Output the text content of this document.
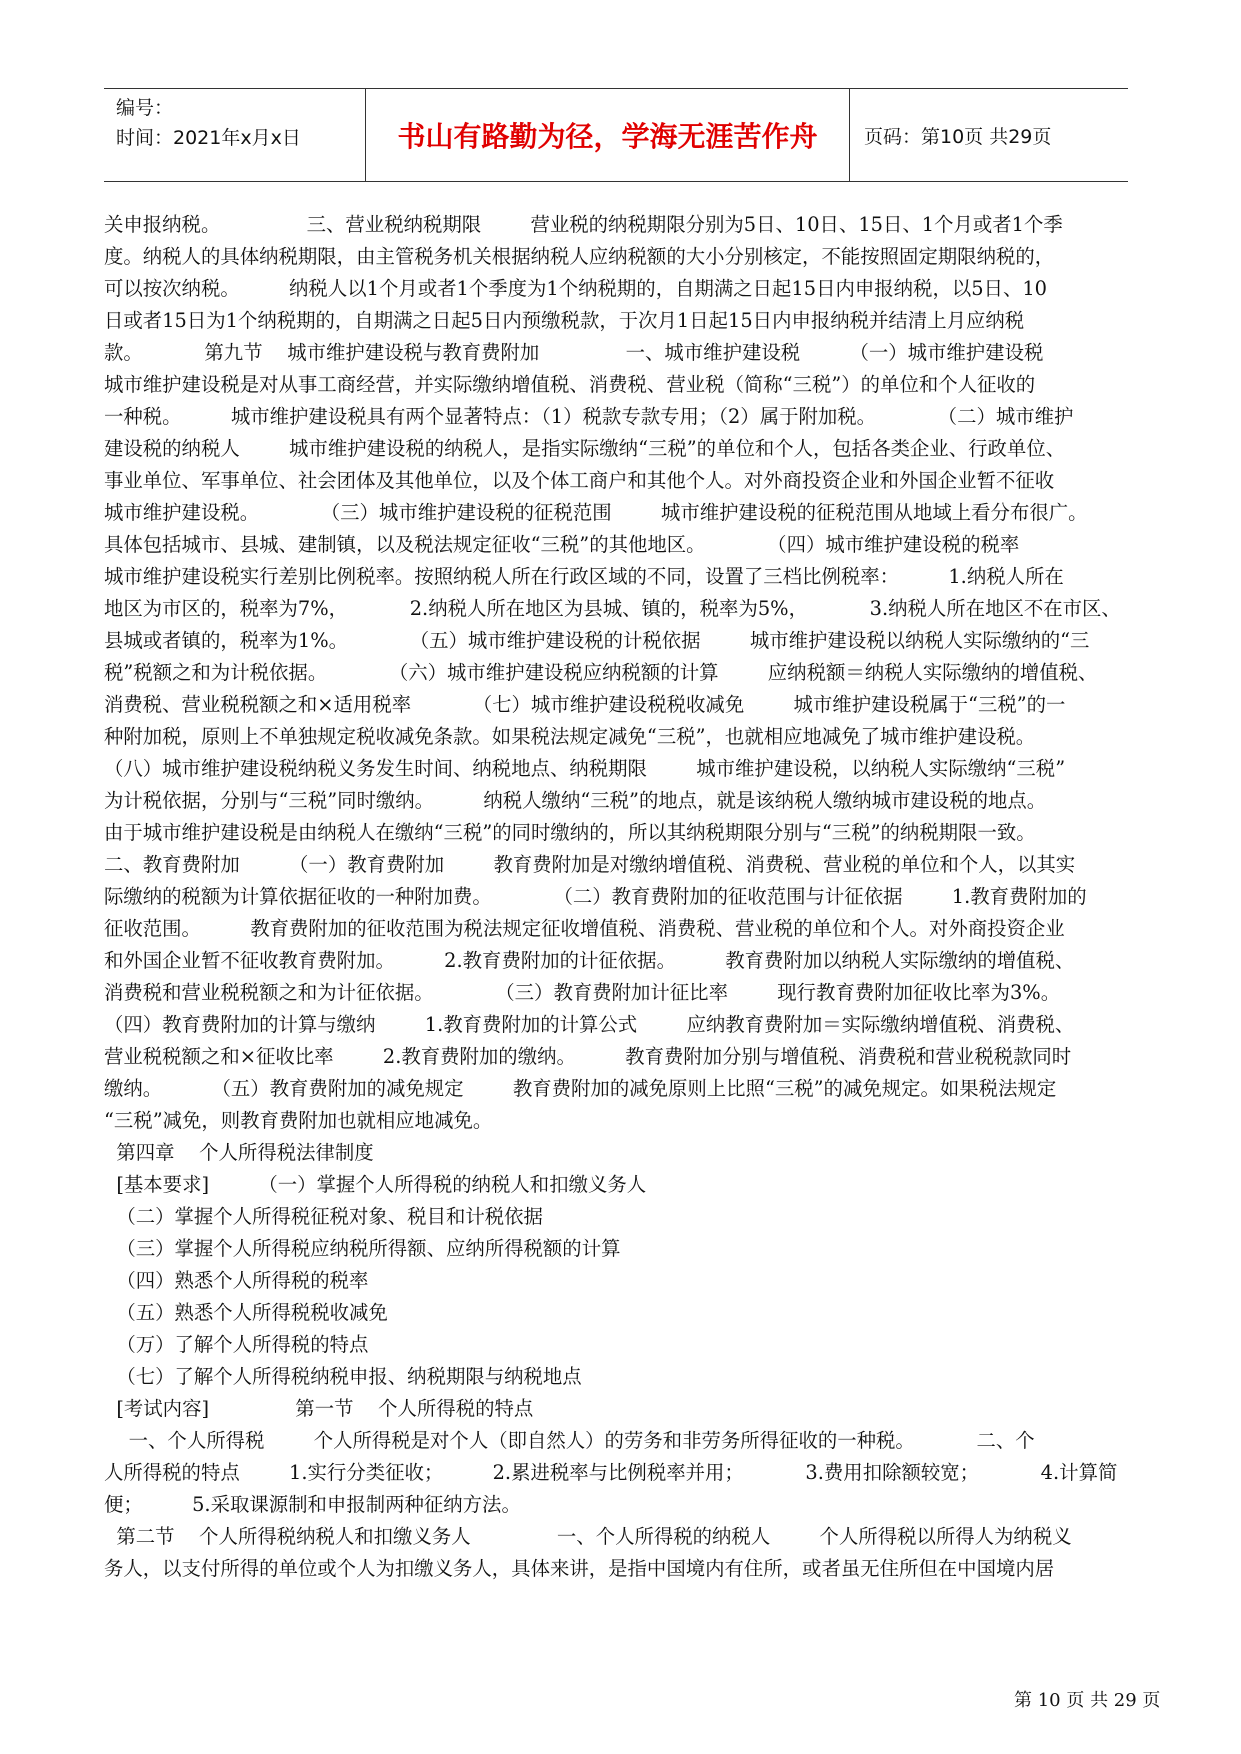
编号：
时间：2021年x月x日	书山有路勤为径，学海无涯苦作舟 页码：第10页 共29页
关申报纳税。              三、营业税纳税期限        营业税的纳税期限分别为5日、10日、15日、1个月或者1个季
度。纳税人的具体纳税期限，由主管税务机关根据纳税人应纳税额的大小分别核定，不能按照固定期限纳税的，
可以按次纳税。        纳税人以1个月或者1个季度为1个纳税期的，自期满之日起15日内申报纳税，以5日、10
日或者15日为1个纳税期的，自期满之日起5日内预缴税款，于次月1日起15日内申报纳税并结清上月应纳税
款。          第九节    城市维护建设税与教育费附加              一、城市维护建设税        （一）城市维护建设税
城市维护建设税是对从事工商经营，并实际缴纳增值税、消费税、营业税（简称“三税”）的单位和个人征收的
一种税。        城市维护建设税具有两个显著特点：（1）税款专款专用；（2）属于附加税。          （二）城市维护
建设税的纳税人        城市维护建设税的纳税人，是指实际缴纳“三税”的单位和个人，包括各类企业、行政单位、
事业单位、军事单位、社会团体及其他单位，以及个体工商户和其他个人。对外商投资企业和外国企业暂不征收
城市维护建设税。          （三）城市维护建设税的征税范围        城市维护建设税的征税范围从地域上看分布很广。
具体包括城市、县城、建制镇，以及税法规定征收“三税”的其他地区。          （四）城市维护建设税的税率
城市维护建设税实行差别比例税率。按照纳税人所在行政区域的不同，设置了三档比例税率：        1.纳税人所在
地区为市区的，税率为7%，          2.纳税人所在地区为县城、镇的，税率为5%，          3.纳税人所在地区不在市区、
县城或者镇的，税率为1%。          （五）城市维护建设税的计税依据        城市维护建设税以纳税人实际缴纳的“三
税”税额之和为计税依据。          （六）城市维护建设税应纳税额的计算        应纳税额＝纳税人实际缴纳的增值税、
消费税、营业税税额之和×适用税率          （七）城市维护建设税税收减免        城市维护建设税属于“三税”的一
种附加税，原则上不单独规定税收减免条款。如果税法规定减免“三税”，也就相应地减免了城市维护建设税。
（八）城市维护建设税纳税义务发生时间、纳税地点、纳税期限        城市维护建设税，以纳税人实际缴纳“三税”
为计税依据，分别与“三税”同时缴纳。        纳税人缴纳“三税”的地点，就是该纳税人缴纳城市建设税的地点。
由于城市维护建设税是由纳税人在缴纳“三税”的同时缴纳的，所以其纳税期限分别与“三税”的纳税期限一致。
二、教育费附加        （一）教育费附加        教育费附加是对缴纳增值税、消费税、营业税的单位和个人，以其实
际缴纳的税额为计算依据征收的一种附加费。          （二）教育费附加的征收范围与计征依据        1.教育费附加的
征收范围。        教育费附加的征收范围为税法规定征收增值税、消费税、营业税的单位和个人。对外商投资企业
和外国企业暂不征收教育费附加。        2.教育费附加的计征依据。        教育费附加以纳税人实际缴纳的增值税、
消费税和营业税税额之和为计征依据。          （三）教育费附加计征比率        现行教育费附加征收比率为3%。
（四）教育费附加的计算与缴纳        1.教育费附加的计算公式        应纳教育费附加＝实际缴纳增值税、消费税、
营业税税额之和×征收比率        2.教育费附加的缴纳。        教育费附加分别与增值税、消费税和营业税税款同时
缴纳。        （五）教育费附加的减免规定        教育费附加的减免原则上比照“三税”的减免规定。如果税法规定
“三税”减免，则教育费附加也就相应地减免。
第四章    个人所得税法律制度
[基本要求]        （一）掌握个人所得税的纳税人和扣缴义务人
（二）掌握个人所得税征税对象、税目和计税依据
（三）掌握个人所得税应纳税所得额、应纳所得税额的计算
（四）熟悉个人所得税的税率
（五）熟悉个人所得税税收减免
（万）了解个人所得税的特点
（七）了解个人所得税纳税申报、纳税期限与纳税地点
[考试内容]              第一节    个人所得税的特点
一、个人所得税        个人所得税是对个人（即自然人）的劳务和非劳务所得征收的一种税。          二、个
人所得税的特点        1.实行分类征收；        2.累进税率与比例税率并用；          3.费用扣除额较宽；          4.计算简
便；        5.采取课源制和申报制两种征纳方法。
第二节    个人所得税纳税人和扣缴义务人              一、个人所得税的纳税人        个人所得税以所得人为纳税义
务人，以支付所得的单位或个人为扣缴义务人，具体来讲，是指中国境内有住所，或者虽无住所但在中国境内居
第 10 页 共 29 页
